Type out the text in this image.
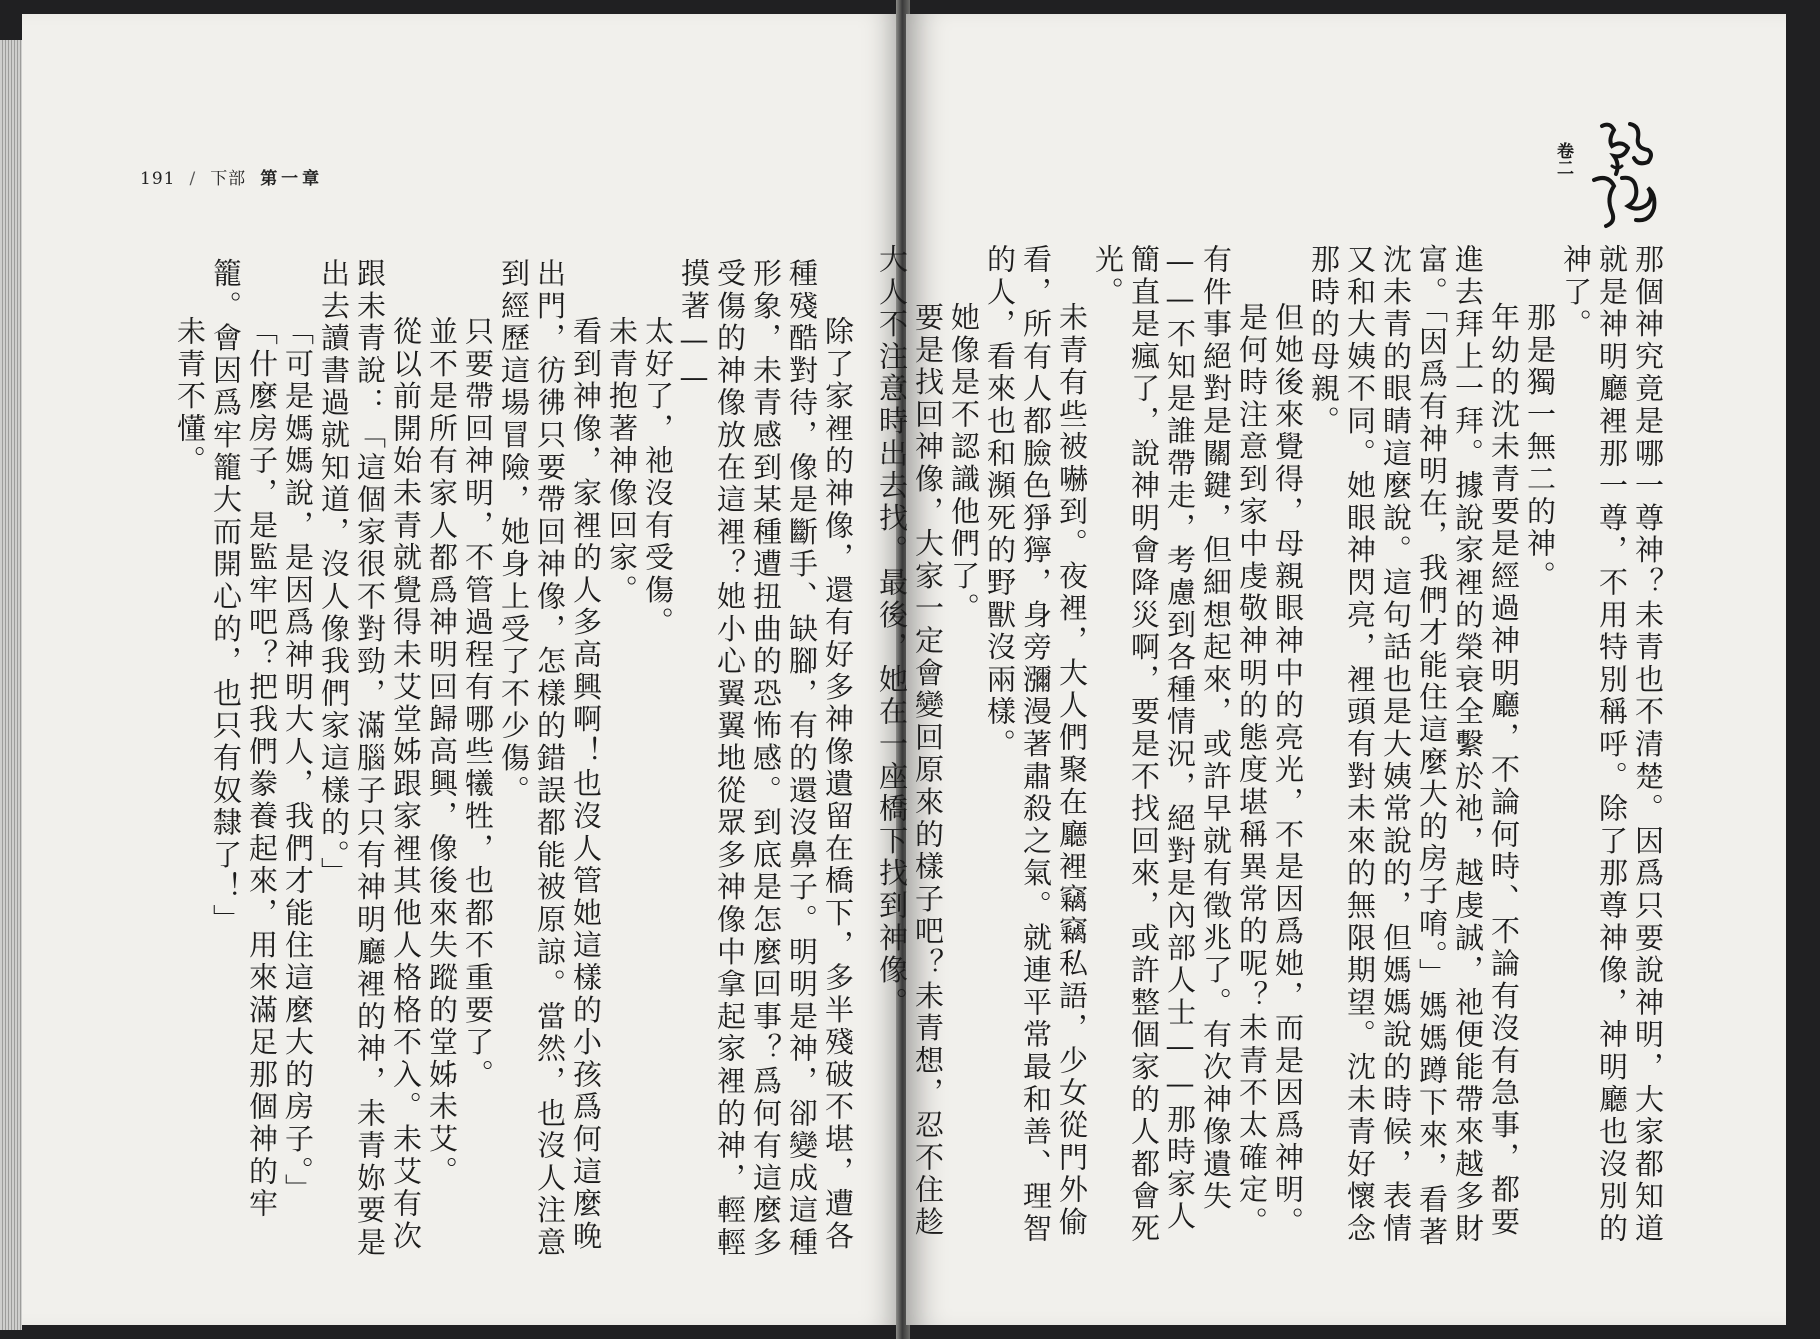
191 / 下部 第一章

除了家裡的神像，還有好多神像遺留在橋下，多半殘破不堪，遭各種殘酷對待，像是斷手、缺腳，有的還沒鼻子。明明是神，卻變成這種形象，未青感到某種遭扭曲的恐怖感。到底是怎麼回事？爲何有這麼多受傷的神像放在這裡？她小心翼翼地從眾多神像中拿起家裡的神，輕輕摸著——

太好了，祂沒有受傷。

未青抱著神像回家。

看到神像，家裡的人多高興啊！也沒人管她這樣的小孩爲何這麼晚出門，彷彿只要帶回神像，怎樣的錯誤都能被原諒。當然，也沒人注意到經歷這場冒險，她身上受了不少傷。

只要帶回神明，不管過程有哪些犧牲，也都不重要了。

並不是所有家人都爲神明回歸高興，像後來失蹤的堂姊未艾。

從以前開始未青就覺得未艾堂姊跟家裡其他人格格不入。未艾有次跟未青說：「這個家很不對勁，滿腦子只有神明廳裡的神，未青妳要是出去讀書過就知道，沒人像我們家這樣的。」

「可是媽媽說，是因爲神明大人，我們才能住這麼大的房子。」

「什麼房子，是監牢吧？把我們豢養起來，用來滿足那個神的牢籠。會因爲牢籠大而開心的，也只有奴隸了！」

未青不懂。

卷二

那個神究竟是哪一尊神？未青也不清楚。因爲只要說神明，大家都知道就是神明廳裡那一尊，不用特別稱呼。除了那尊神像，神明廳也沒別的神了。

那是獨一無二的神。

年幼的沈未青要是經過神明廳，不論何時、不論有沒有急事，都要進去拜上一拜。據說家裡的榮衰全繫於祂，越虔誠，祂便能帶來越多財富。「因爲有神明在，我們才能住這麼大的房子唷。」媽媽蹲下來，看著沈未青的眼睛這麼說。這句話也是大姨常說的，但媽媽說的時候，表情又和大姨不同。她眼神閃亮，裡頭有對未來的無限期望。沈未青好懷念那時的母親。

但她後來覺得，母親眼神中的亮光，不是因爲她，而是因爲神明。

是何時注意到家中虔敬神明的態度堪稱異常的呢？未青不太確定。有件事絕對是關鍵，但細想起來，或許早就有徵兆了。有次神像遺失——不知是誰帶走，考慮到各種情況，絕對是內部人士——那時家人簡直是瘋了，說神明會降災啊，要是不找回來，或許整個家的人都會死光。

未青有些被嚇到。夜裡，大人們聚在廳裡竊竊私語，少女從門外偷看，所有人都臉色猙獰，身旁瀰漫著肅殺之氣。就連平常最和善、理智的人，看來也和瀕死的野獸沒兩樣。

她像是不認識他們了。

要是找回神像，大家一定會變回原來的樣子吧？未青想，忍不住趁大人不注意時出去找。最後，她在一座橋下找到神像。
